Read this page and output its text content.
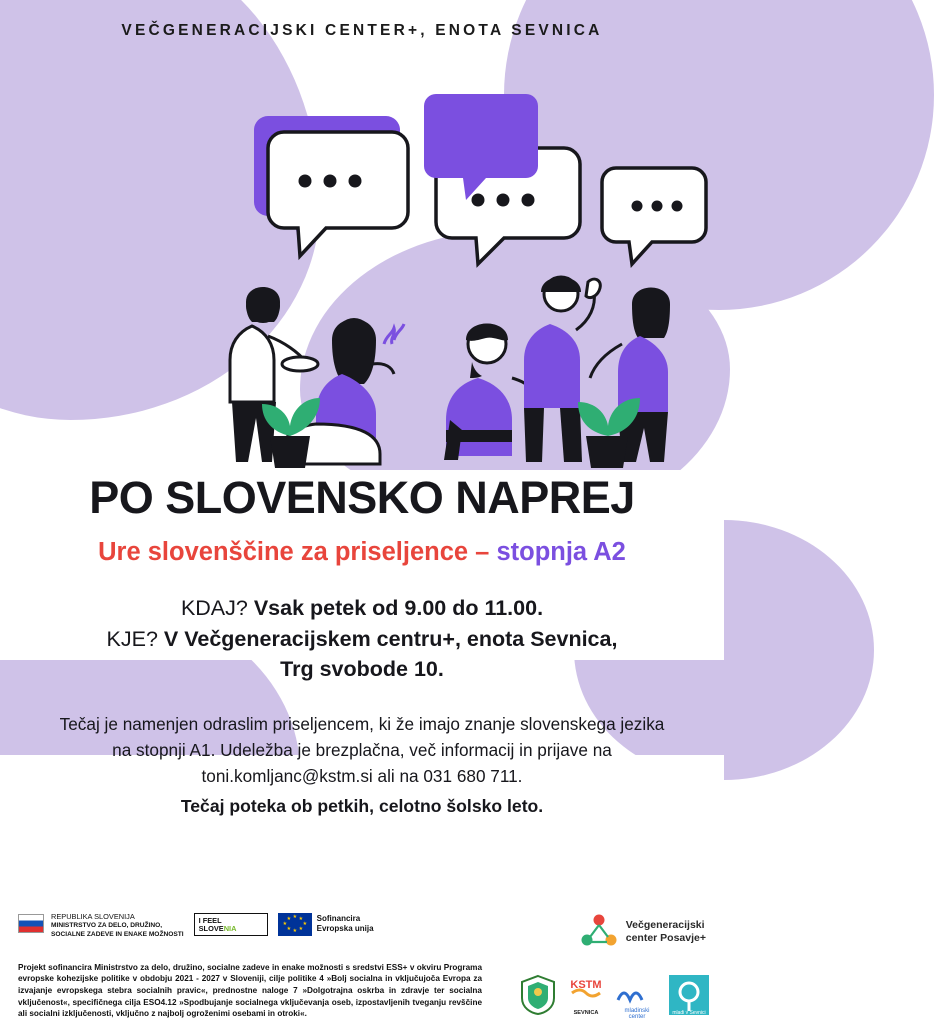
VEČGENERACIJSKI CENTER+, ENOTA SEVNICA
PO SLOVENSKO NAPREJ
Ure slovenščine za priseljence – stopnja A2
KDAJ? Vsak petek od 9.00 do 11.00.
KJE? V Večgeneracijskem centru+, enota Sevnica,
Trg svobode 10.
Tečaj je namenjen odraslim priseljencem, ki že imajo znanje slovenskega jezika na stopnji A1. Udeležba je brezplačna, več informacij in prijave na toni.komljanc@kstm.si ali na 031 680 711.
Tečaj poteka ob petkih, celotno šolsko leto.
REPUBLIKA SLOVENIJA
MINISTRSTVO ZA DELO, DRUŽINO,
SOCIALNE ZADEVE IN ENAKE MOŽNOSTI
I FEEL
SLOVENIA
★ ★
★
★
★
★
★
★	Sofinancira
Evropska unija	Večgeneracijski
center Posavje+
Projekt sofinancira Ministrstvo za delo, družino, socialne zadeve in enake možnosti s sredstvi ESS+ v okviru Programa evropske kohezijske politike v obdobju 2021 - 2027 v Sloveniji, cilje politike 4 »Bolj socialna in vključujoča Evropa za izvajanje evropskega stebra socialnih pravic«, prednostne naloge 7 »Dolgotrajna oskrba in zdravje ter socialna vključenost«, specifičnega cilja ESO4.12 »Spodbujanje socialnega vključevanja oseb, izpostavljenih tveganju revščine ali socialni izključenosti, vključno z najbolj ogroženimi osebami in otroki«.
KSTM
SEVNICA	mladinski
center
mladi v Sevnici
